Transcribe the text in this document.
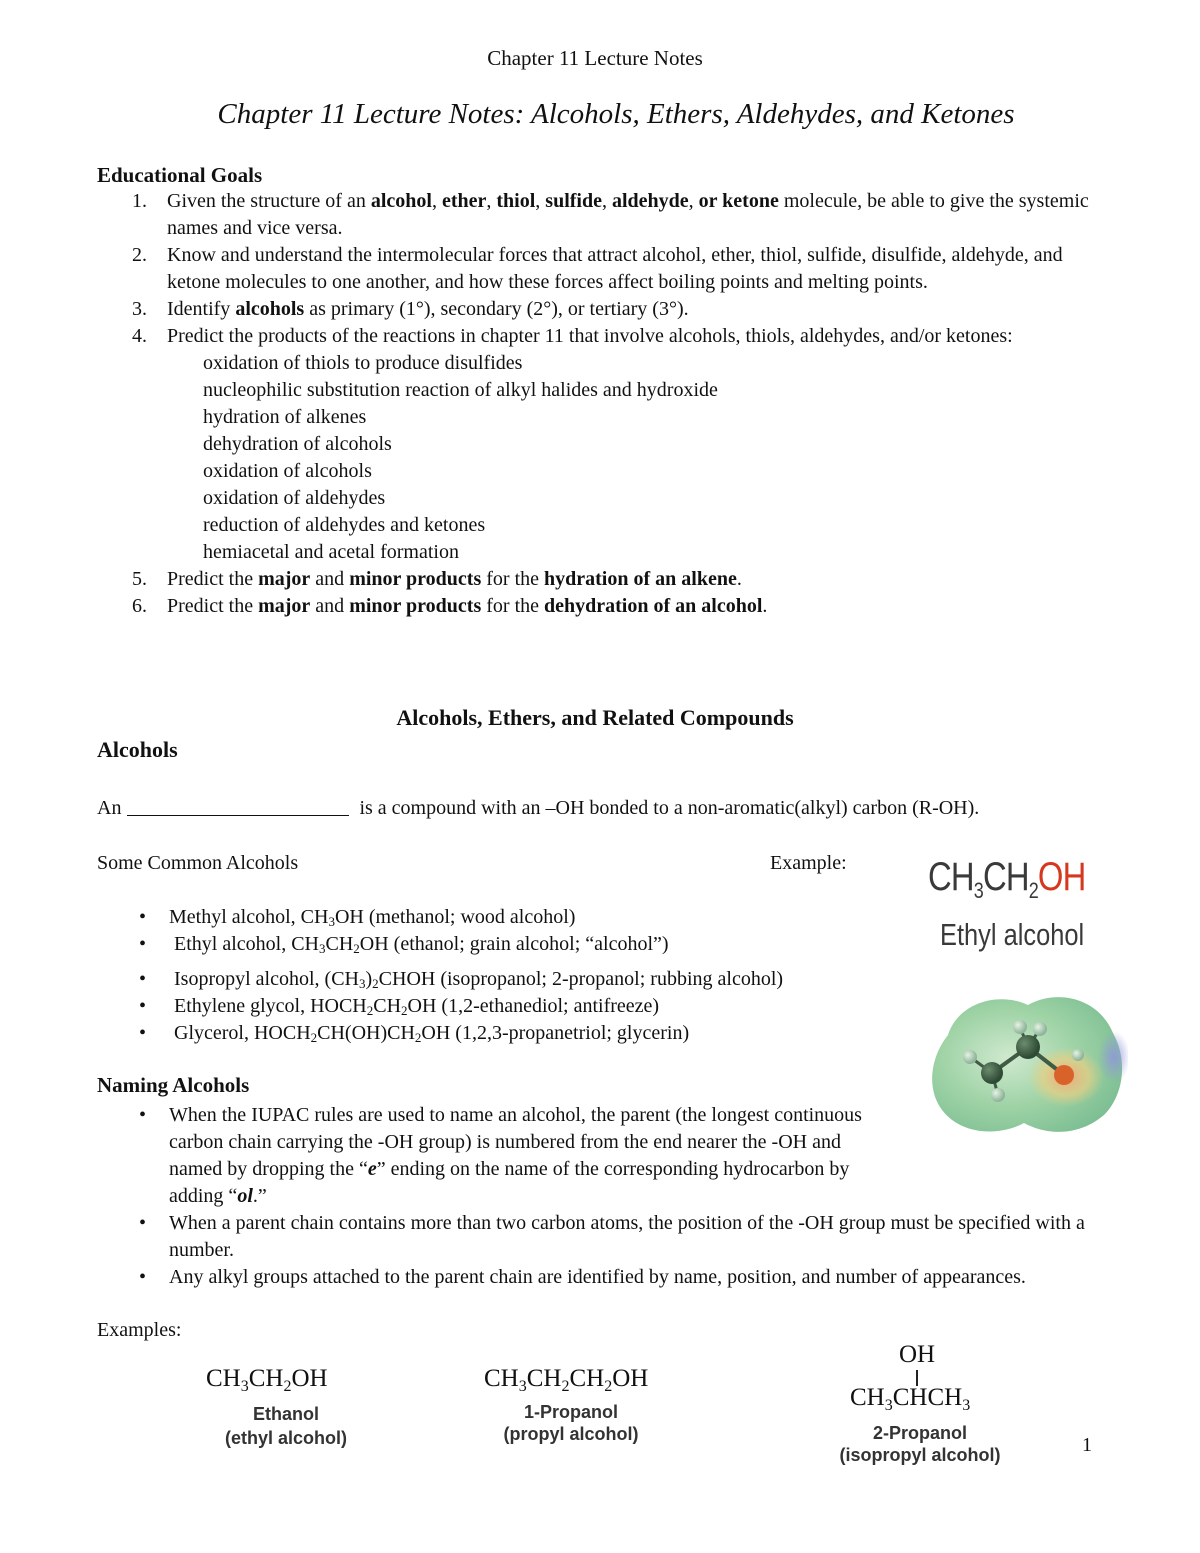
Chapter 11 Lecture Notes
Chapter 11 Lecture Notes: Alcohols, Ethers, Aldehydes, and Ketones
Educational Goals
1. Given the structure of an alcohol, ether, thiol, sulfide, aldehyde, or ketone molecule, be able to give the systemic names and vice versa.
2. Know and understand the intermolecular forces that attract alcohol, ether, thiol, sulfide, disulfide, aldehyde, and ketone molecules to one another, and how these forces affect boiling points and melting points.
3. Identify alcohols as primary (1°), secondary (2°), or tertiary (3°).
4. Predict the products of the reactions in chapter 11 that involve alcohols, thiols, aldehydes, and/or ketones:
oxidation of thiols to produce disulfides
nucleophilic substitution reaction of alkyl halides and hydroxide
hydration of alkenes
dehydration of alcohols
oxidation of alcohols
oxidation of aldehydes
reduction of aldehydes and ketones
hemiacetal and acetal formation
5. Predict the major and minor products for the hydration of an alkene.
6. Predict the major and minor products for the dehydration of an alcohol.
Alcohols, Ethers, and Related Compounds
Alcohols
An	is a compound with an –OH bonded to a non-aromatic(alkyl) carbon (R-OH).
Some Common Alcohols	Example:
• Methyl alcohol, $CH_3OH$ (methanol; wood alcohol)
• Ethyl alcohol, $CH_3CH_2OH$ (ethanol; grain alcohol; “alcohol”)
• Isopropyl alcohol, $(CH_3)_2CHOH$ (isopropanol; 2-propanol; rubbing alcohol)
• Ethylene glycol, $HOCH_2CH_2OH$ (1,2-ethanediol; antifreeze)
• Glycerol, $HOCH_2CH(OH)CH_2OH$ (1,2,3-propanetriol; glycerin)
$CH_3CH_2OH$
Ethyl alcohol
Naming Alcohols
• When the IUPAC rules are used to name an alcohol, the parent (the longest continuous carbon chain carrying the -OH group) is numbered from the end nearer the -OH and named by dropping the “e” ending on the name of the corresponding hydrocarbon by adding “ol.”
• When a parent chain contains more than two carbon atoms, the position of the -OH group must be specified with a number.
• Any alkyl groups attached to the parent chain are identified by name, position, and number of appearances.
Examples:
$CH_3CH_2OH$
Ethanol
(ethyl alcohol)
$CH_3CH_2CH_2OH$
1-Propanol
(propyl alcohol)
OH
$CH_3CHCH_3$
2-Propanol
(isopropyl alcohol)	1
